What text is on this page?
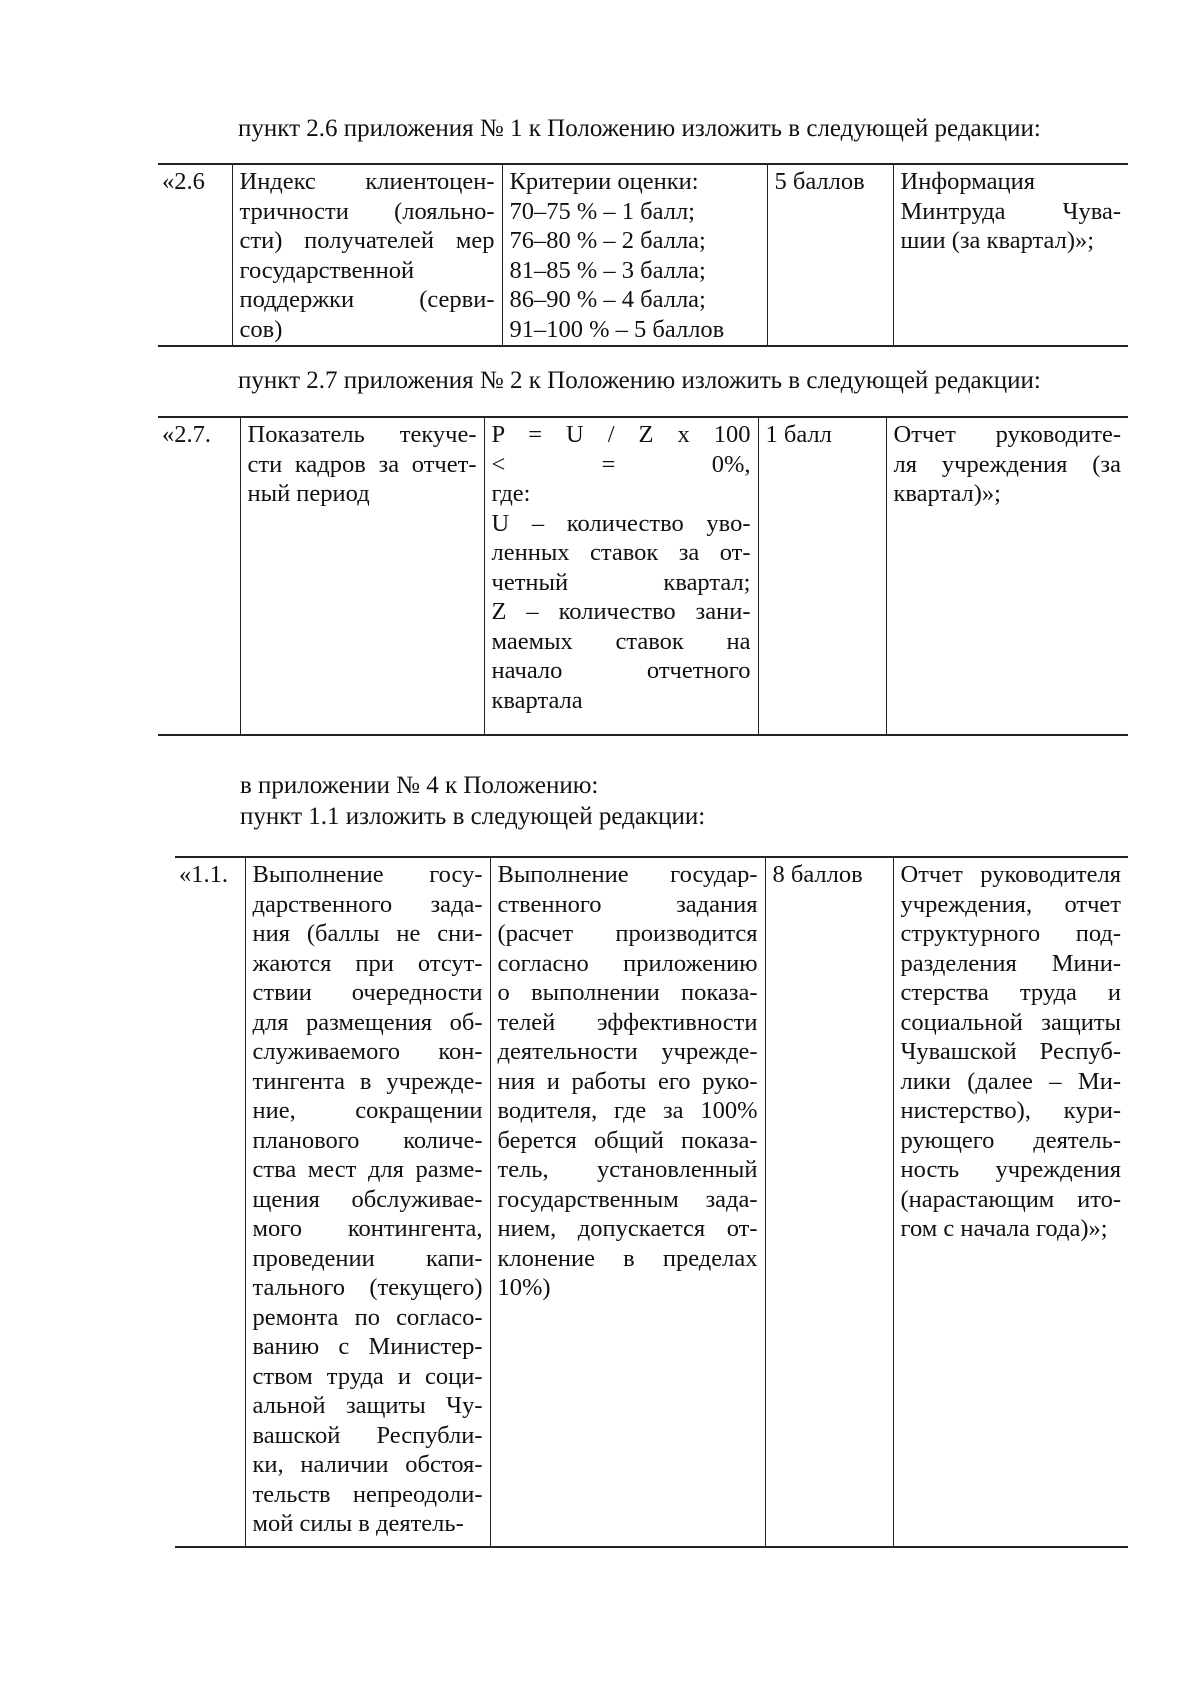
пункт 2.6 приложения № 1 к Положению изложить в следующей редакции:
«2.6	Индекс клиентоцен-
тричности (лояльно-
сти) получателей мер
государственной
поддержки (серви-
сов)

Критерии оценки:
70–75 % – 1 балл;
76–80 % – 2 балла;
81–85 % – 3 балла;
86–90 % – 4 балла;
91–100 % – 5 баллов
	5 баллов	Информация
Минтруда Чува-
шии (за квартал)»;
пункт 2.7 приложения № 2 к Положению изложить в следующей редакции:
«2.7.	Показатель текуче-
сти кадров за отчет-
ный период

P = U / Z x 100
< = 0%,
где:
U – количество уво-
ленных ставок за от-
четный квартал;
Z – количество зани-
маемых ставок на
начало отчетного
квартала
	1 балл	Отчет руководите-
ля учреждения (за
квартал)»;
в приложении № 4 к Положению:
пункт 1.1 изложить в следующей редакции:
«1.1.	Выполнение госу-
дарственного зада-
ния (баллы не сни-
жаются при отсут-
ствии очередности
для размещения об-
служиваемого кон-
тингента в учрежде-
ние, сокращении
планового количе-
ства мест для разме-
щения обслуживае-
мого контингента,
проведении капи-
тального (текущего)
ремонта по согласо-
ванию с Министер-
ством труда и соци-
альной защиты Чу-
вашской Республи-
ки, наличии обстоя-
тельств непреодоли-
мой силы в деятель-

Выполнение государ-
ственного задания
(расчет производится
согласно приложению
о выполнении показа-
телей эффективности
деятельности учрежде-
ния и работы его руко-
водителя, где за 100%
берется общий показа-
тель, установленный
государственным зада-
нием, допускается от-
клонение в пределах
10%)
	8 баллов	Отчет руководителя
учреждения, отчет
структурного под-
разделения Мини-
стерства труда и
социальной защиты
Чувашской Респуб-
лики (далее – Ми-
нистерство), кури-
рующего деятель-
ность учреждения
(нарастающим ито-
гом с начала года)»;
